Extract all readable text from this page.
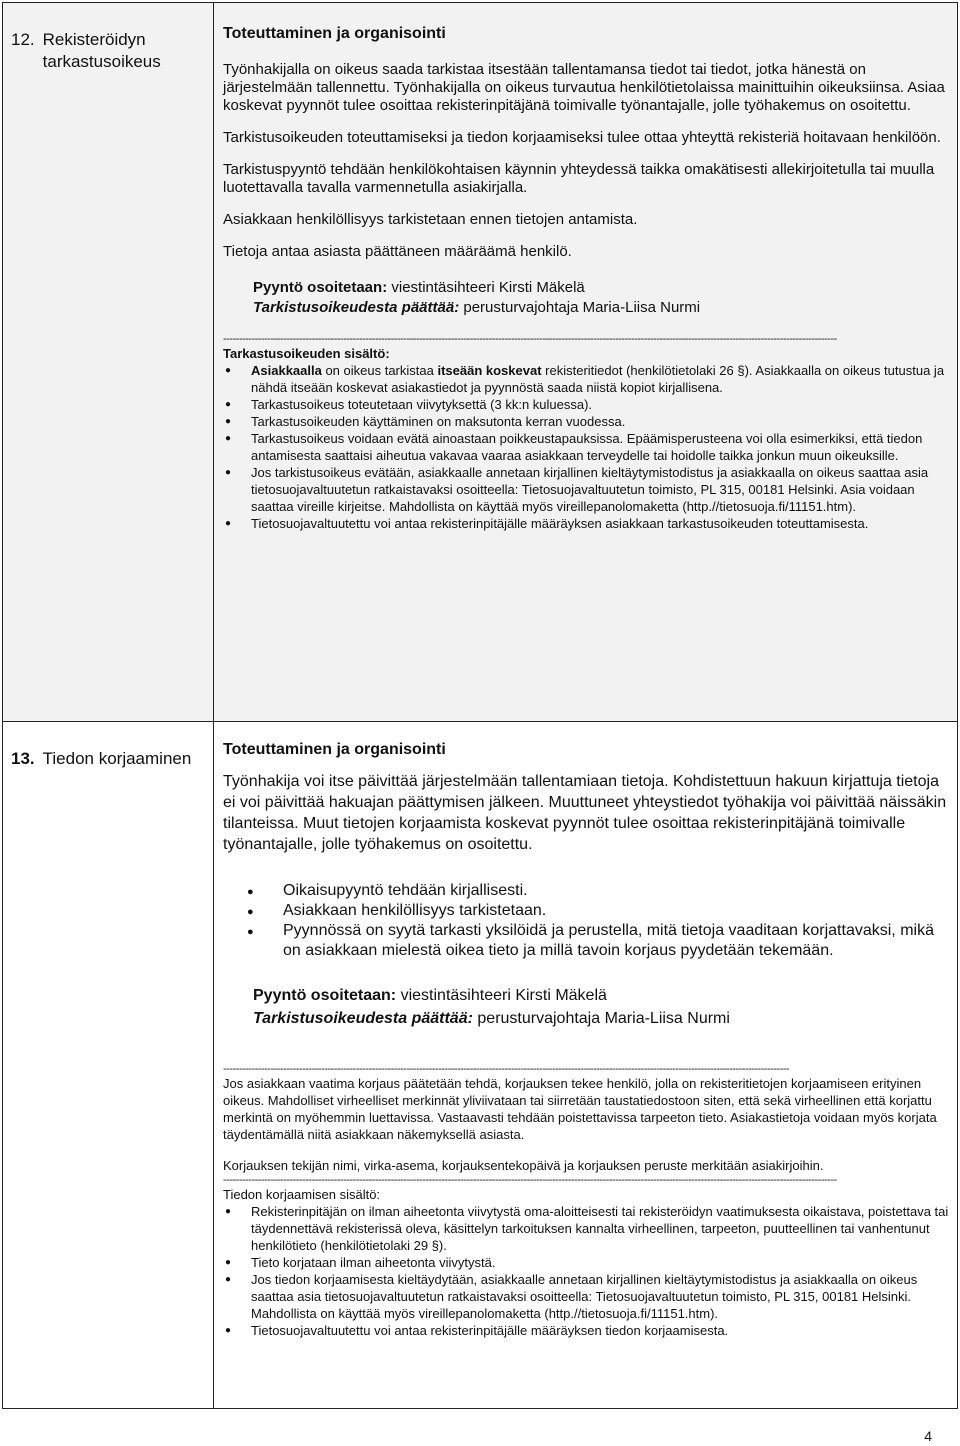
12. Rekisteröidyn tarkastusoikeus
Toteuttaminen ja organisointi
Työnhakijalla on oikeus saada tarkistaa itsestään tallentamansa tiedot tai tiedot, jotka hänestä on järjestelmään tallennettu. Työnhakijalla on oikeus turvautua henkilötietolaissa mainittuihin oikeuksiinsa. Asiaa koskevat pyynnöt tulee osoittaa rekisterinpitäjänä toimivalle työnantajalle, jolle työhakemus on osoitettu.
Tarkistusoikeuden toteuttamiseksi ja tiedon korjaamiseksi tulee ottaa yhteyttä rekisteriä hoitavaan henkilöön.
Tarkistuspyyntö tehdään henkilökohtaisen käynnin yhteydessä taikka omakätisesti allekirjoitetulla tai muulla luotettavalla tavalla varmennetulla asiakirjalla.
Asiakkaan henkilöllisyys tarkistetaan ennen tietojen antamista.
Tietoja antaa asiasta päättäneen määräämä henkilö.
Pyyntö osoitetaan: viestintäsihteeri Kirsti Mäkelä
Tarkistusoikeudesta päättää: perusturvajohtaja Maria-Liisa Nurmi
--------------------------------------------------------------------------------------------------------------------------------------------------------------------------------------------------
Tarkastusoikeuden sisältö:
● Asiakkaalla on oikeus tarkistaa itseään koskevat rekisteritiedot (henkilötietolaki 26 §). Asiakkaalla on oikeus tutustua ja nähdä itseään koskevat asiakastiedot ja pyynnöstä saada niistä kopiot kirjallisena.
● Tarkastusoikeus toteutetaan viivytyksettä (3 kk:n kuluessa).
● Tarkastusoikeuden käyttäminen on maksutonta kerran vuodessa.
● Tarkastusoikeus voidaan evätä ainoastaan poikkeustapauksissa. Epäämisperusteena voi olla esimerkiksi, että tiedon antamisesta saattaisi aiheutua vakavaa vaaraa asiakkaan terveydelle tai hoidolle taikka jonkun muun oikeuksille.
● Jos tarkistusoikeus evätään, asiakkaalle annetaan kirjallinen kieltäytymistodistus ja asiakkaalla on oikeus saattaa asia tietosuojavaltuutetun ratkaistavaksi osoitteella: Tietosuojavaltuutetun toimisto, PL 315, 00181 Helsinki. Asia voidaan saattaa vireille kirjeitse. Mahdollista on käyttää myös vireillepanolomaketta (http.//tietosuoja.fi/11151.htm).
● Tietosuojavaltuutettu voi antaa rekisterinpitäjälle määräyksen asiakkaan tarkastusoikeuden toteuttamisesta.
13. Tiedon korjaaminen Toteuttaminen ja organisointi
Työnhakija voi itse päivittää järjestelmään tallentamiaan tietoja. Kohdistettuun hakuun kirjattuja tietoja ei voi päivittää hakuajan päättymisen jälkeen. Muuttuneet yhteystiedot työhakija voi päivittää näissäkin tilanteissa. Muut tietojen korjaamista koskevat pyynnöt tulee osoittaa rekisterinpitäjänä toimivalle työnantajalle, jolle työhakemus on osoitettu.
● Oikaisupyyntö tehdään kirjallisesti.
● Asiakkaan henkilöllisyys tarkistetaan.
● Pyynnössä on syytä tarkasti yksilöidä ja perustella, mitä tietoja vaaditaan korjattavaksi, mikä on asiakkaan mielestä oikea tieto ja millä tavoin korjaus pyydetään tekemään.
Pyyntö osoitetaan: viestintäsihteeri Kirsti Mäkelä
Tarkistusoikeudesta päättää: perusturvajohtaja Maria-Liisa Nurmi
-----------------------------------------------------------------------------------------------------------------------------------------------------------------------------------
Jos asiakkaan vaatima korjaus päätetään tehdä, korjauksen tekee henkilö, jolla on rekisteritietojen korjaamiseen erityinen oikeus. Mahdolliset virheelliset merkinnät yliviivataan tai siirretään taustatiedostoon siten, että sekä virheellinen että korjattu merkintä on myöhemmin luettavissa. Vastaavasti tehdään poistettavissa tarpeeton tieto. Asiakastietoja voidaan myös korjata täydentämällä niitä asiakkaan näkemyksellä asiasta.
Korjauksen tekijän nimi, virka-asema, korjauksentekopäivä ja korjauksen peruste merkitään asiakirjoihin.
--------------------------------------------------------------------------------------------------------------------------------------------------------------------------------------------------
Tiedon korjaamisen sisältö:
● Rekisterinpitäjän on ilman aiheetonta viivytystä oma-aloitteisesti tai rekisteröidyn vaatimuksesta oikaistava, poistettava tai täydennettävä rekisterissä oleva, käsittelyn tarkoituksen kannalta virheellinen, tarpeeton, puutteellinen tai vanhentunut henkilötieto (henkilötietolaki 29 §).
● Tieto korjataan ilman aiheetonta viivytystä.
● Jos tiedon korjaamisesta kieltäydytään, asiakkaalle annetaan kirjallinen kieltäytymistodistus ja asiakkaalla on oikeus saattaa asia tietosuojavaltuutetun ratkaistavaksi osoitteella: Tietosuojavaltuutetun toimisto, PL 315, 00181 Helsinki. Mahdollista on käyttää myös vireillepanolomaketta (http.//tietosuoja.fi/11151.htm).
● Tietosuojavaltuutettu voi antaa rekisterinpitäjälle määräyksen tiedon korjaamisesta.
4
